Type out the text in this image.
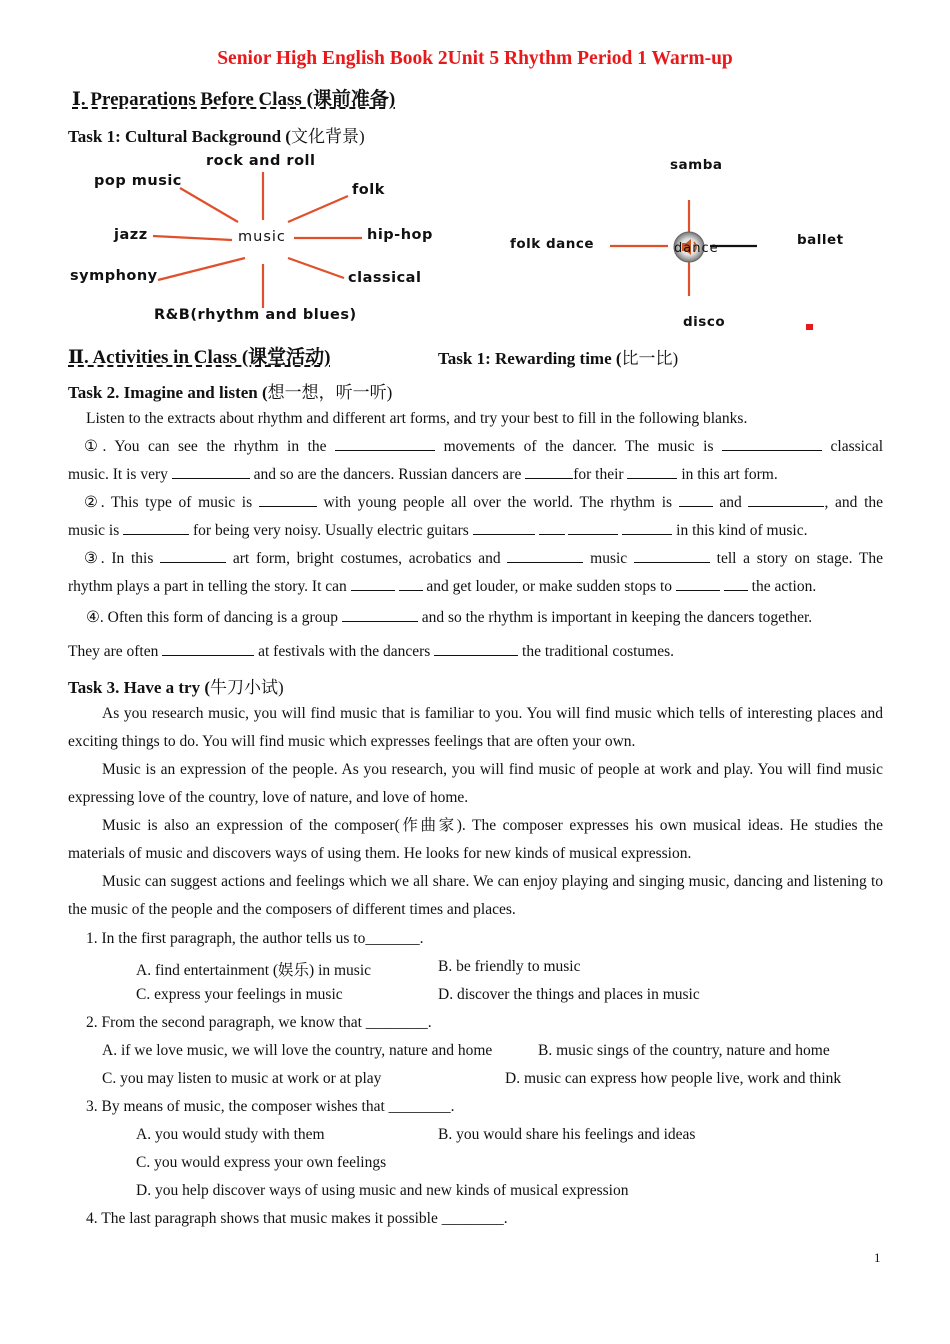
Senior High English Book 2Unit 5 Rhythm Period 1 Warm-up
Ⅰ. Preparations Before Class (课前准备)
Task 1: Cultural Background (文化背景)
music
rock and roll
pop music
folk
jazz	hip-hop
symphony	classical
R&B(rhythm and blues)
dance
samba
folk dance	ballet
disco
Ⅱ. Activities in Class (课堂活动)	Task 1: Rewarding time (比一比)
Task 2. Imagine and listen (想一想，听一听)
Listen to the extracts about rhythm and different art forms, and try your best to fill in the following blanks.
①. You can see the rhythm in the	movements of the dancer. The music is	classical
music. It is very	and so are the dancers. Russian dancers are	for their	in this art form.
②. This type of music is	with young people all over the world. The rhythm is	and	, and the
music is	for being very noisy. Usually electric guitars	in this kind of music.
③. In this	art form, bright costumes, acrobatics and	music	tell a story on stage. The
rhythm plays a part in telling the story. It can	and get louder, or make sudden stops to	the action.
④. Often this form of dancing is a group	and so the rhythm is important in keeping the dancers together.
They are often	at festivals with the dancers	the traditional costumes.
Task 3. Have a try (牛刀小试)
As you research music, you will find music that is familiar to you. You will find music which tells of interesting places and exciting things to do. You will find music which expresses feelings that are often your own.
Music is an expression of the people. As you research, you will find music of people at work and play. You will find music expressing love of the country, love of nature, and love of home.
Music is also an expression of the composer(作曲家). The composer expresses his own musical ideas. He studies the materials of music and discovers ways of using them. He looks for new kinds of musical expression.
Music can suggest actions and feelings which we all share. We can enjoy playing and singing music, dancing and listening to the music of the people and the composers of different times and places.
1. In the first paragraph, the author tells us to_______.
A. find entertainment (娱乐) in music	B. be friendly to music
C. express your feelings in music	D. discover the things and places in music
2. From the second paragraph, we know that ________.
A. if we love music, we will love the country, nature and home	B. music sings of the country, nature and home
C. you may listen to music at work or at play	D. music can express how people live, work and think
3. By means of music, the composer wishes that ________.
A. you would study with them	B. you would share his feelings and ideas
C. you would express your own feelings
D. you help discover ways of using music and new kinds of musical expression
4. The last paragraph shows that music makes it possible ________.
1
